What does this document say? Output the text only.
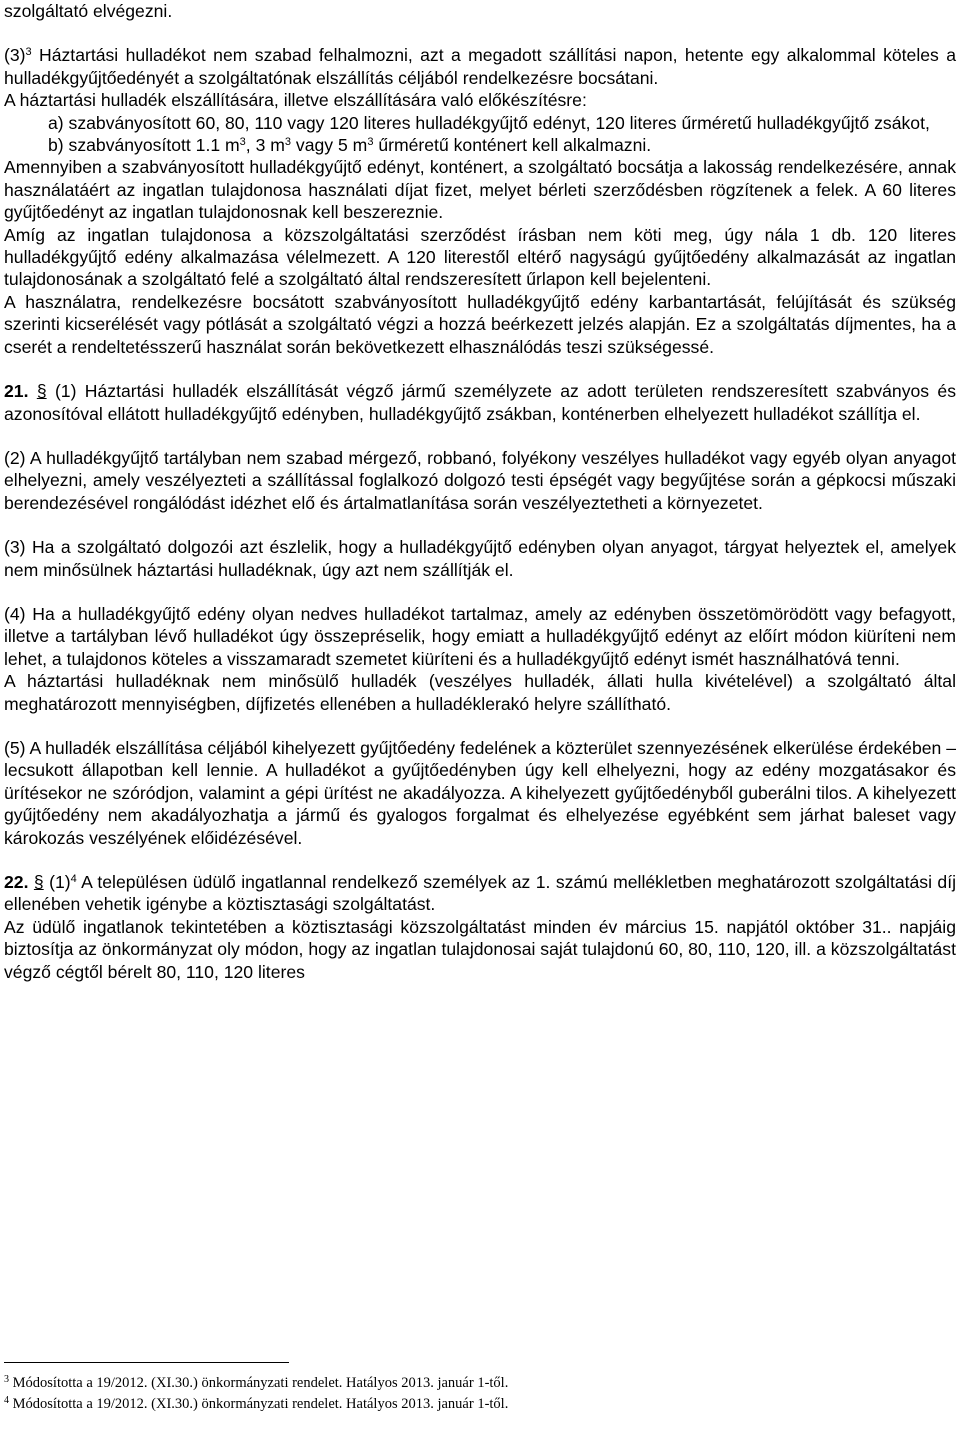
szolgáltató elvégezni.

$(3)^3$ Háztartási hulladékot nem szabad felhalmozni, azt a megadott szállítási napon, hetente egy alkalommal köteles a hulladékgyűjtőedényét a szolgáltatónak elszállítás céljából rendelkezésre bocsátani.

A háztartási hulladék elszállítására, illetve elszállítására való előkészítésre:

a) szabványosított 60, 80, 110 vagy 120 literes hulladékgyűjtő edényt, 120 literes űrméretű hulladékgyűjtő zsákot,

b) szabványosított 1.1 $m^3$, 3 $m^3$ vagy 5 $m^3$ űrméretű konténert kell alkalmazni.

Amennyiben a szabványosított hulladékgyűjtő edényt, konténert, a szolgáltató bocsátja a lakosság rendelkezésére, annak használatáért az ingatlan tulajdonosa használati díjat fizet, melyet bérleti szerződésben rögzítenek a felek. A 60 literes gyűjtőedényt az ingatlan tulajdonosnak kell beszereznie.

Amíg az ingatlan tulajdonosa a közszolgáltatási szerződést írásban nem köti meg, úgy nála 1 db. 120 literes hulladékgyűjtő edény alkalmazása vélelmezett. A 120 literestől eltérő nagyságú gyűjtőedény alkalmazását az ingatlan tulajdonosának a szolgáltató felé a szolgáltató által rendszeresített űrlapon kell bejelenteni.

A használatra, rendelkezésre bocsátott szabványosított hulladékgyűjtő edény karbantartását, felújítását és szükség szerinti kicserélését vagy pótlását a szolgáltató végzi a hozzá beérkezett jelzés alapján. Ez a szolgáltatás díjmentes, ha a cserét a rendeltetésszerű használat során bekövetkezett elhasználódás teszi szükségessé.

21. § (1) Háztartási hulladék elszállítását végző jármű személyzete az adott területen rendszeresített szabványos és azonosítóval ellátott hulladékgyűjtő edényben, hulladékgyűjtő zsákban, konténerben elhelyezett hulladékot szállítja el.

(2) A hulladékgyűjtő tartályban nem szabad mérgező, robbanó, folyékony veszélyes hulladékot vagy egyéb olyan anyagot elhelyezni, amely veszélyezteti a szállítással foglalkozó dolgozó testi épségét vagy begyűjtése során a gépkocsi műszaki berendezésével rongálódást idézhet elő és ártalmatlanítása során veszélyeztetheti a környezetet.

(3) Ha a szolgáltató dolgozói azt észlelik, hogy a hulladékgyűjtő edényben olyan anyagot, tárgyat helyeztek el, amelyek nem minősülnek háztartási hulladéknak, úgy azt nem szállítják el.

(4) Ha a hulladékgyűjtő edény olyan nedves hulladékot tartalmaz, amely az edényben összetömörödött vagy befagyott, illetve a tartályban lévő hulladékot úgy összepréselik, hogy emiatt a hulladékgyűjtő edényt az előírt módon kiüríteni nem lehet, a tulajdonos köteles a visszamaradt szemetet kiüríteni és a hulladékgyűjtő edényt ismét használhatóvá tenni.

A háztartási hulladéknak nem minősülő hulladék (veszélyes hulladék, állati hulla kivételével) a szolgáltató által meghatározott mennyiségben, díjfizetés ellenében a hulladéklerakó helyre szállítható.

(5) A hulladék elszállítása céljából kihelyezett gyűjtőedény fedelének a közterület szennyezésének elkerülése érdekében – lecsukott állapotban kell lennie. A hulladékot a gyűjtőedényben úgy kell elhelyezni, hogy az edény mozgatásakor és ürítésekor ne szóródjon, valamint a gépi ürítést ne akadályozza. A kihelyezett gyűjtőedényből guberálni tilos. A kihelyezett gyűjtőedény nem akadályozhatja a jármű és gyalogos forgalmat és elhelyezése egyébként sem járhat baleset vagy károkozás veszélyének előidézésével.

22. § $(1)^4$ A településen üdülő ingatlannal rendelkező személyek az 1. számú mellékletben meghatározott szolgáltatási díj ellenében vehetik igénybe a köztisztasági szolgáltatást.

Az üdülő ingatlanok tekintetében a köztisztasági közszolgáltatást minden év március 15. napjától október 31.. napjáig biztosítja az önkormányzat oly módon, hogy az ingatlan tulajdonosai saját tulajdonú 60, 80, 110, 120, ill. a közszolgáltatást végző cégtől bérelt 80, 110, 120 literes

$^3$ Módosította a 19/2012. (XI.30.) önkormányzati rendelet. Hatályos 2013. január 1-től.

$^4$ Módosította a 19/2012. (XI.30.) önkormányzati rendelet. Hatályos 2013. január 1-től.
